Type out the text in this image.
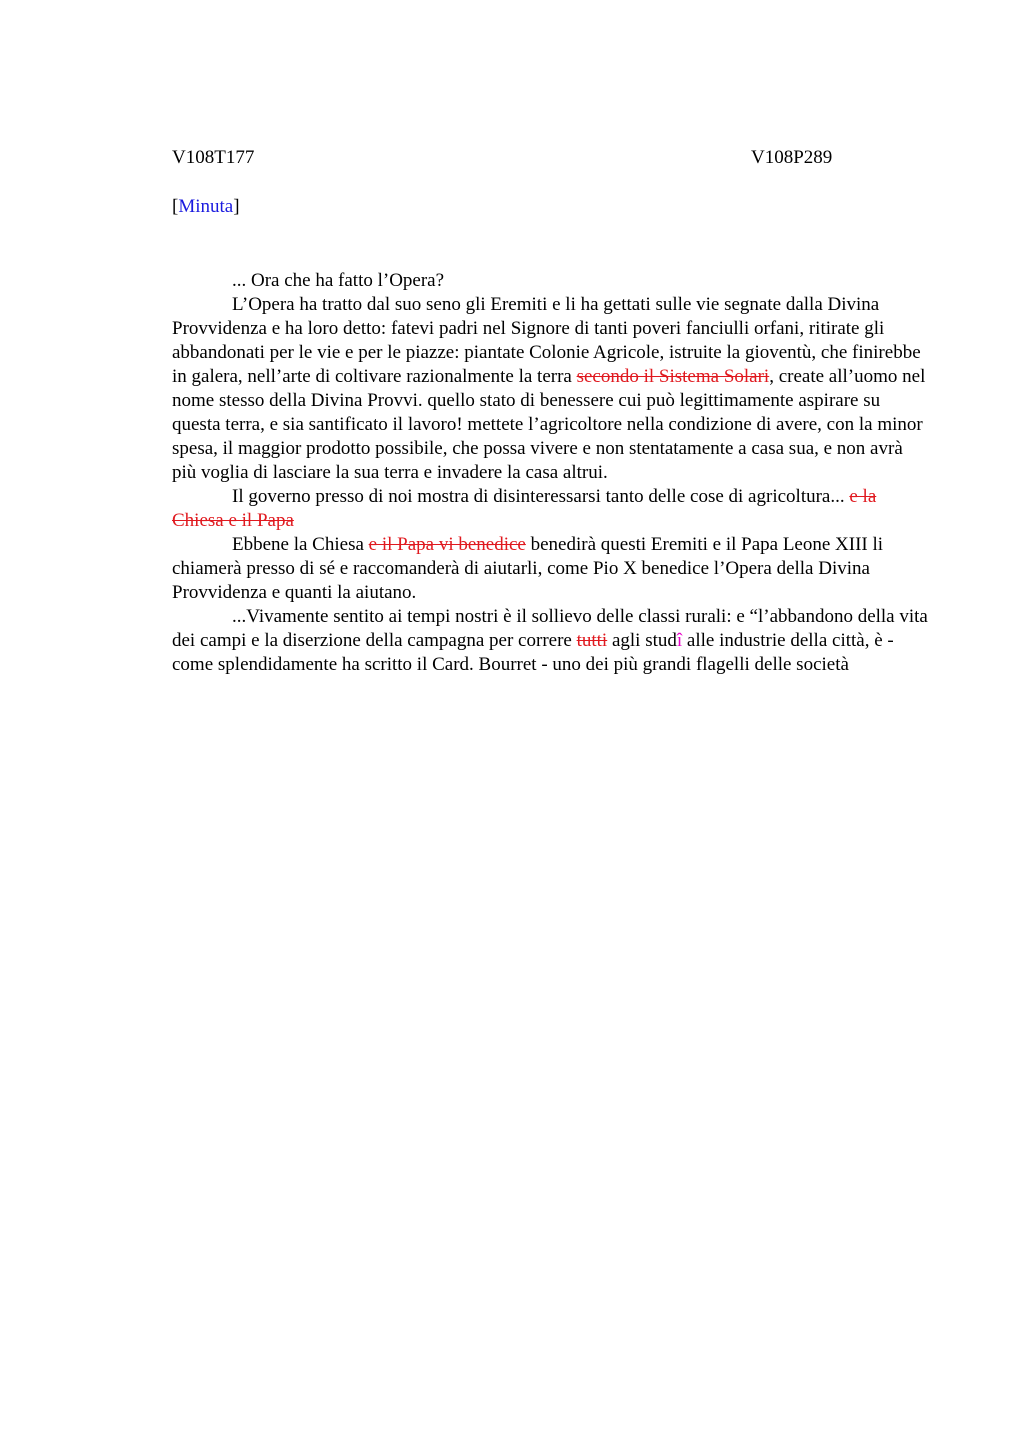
V108T177	V108P289
[Minuta]

... Ora che ha fatto l’Opera?

L’Opera ha tratto dal suo seno gli Eremiti e li ha gettati sulle vie segnate dalla Divina Provvidenza e ha loro detto: fatevi padri nel Signore di tanti poveri fanciulli orfani, ritirate gli abbandonati per le vie e per le piazze: piantate Colonie Agricole, istruite la gioventù, che finirebbe in galera, nell’arte di coltivare razionalmente la terra secondo il Sistema Solari, create all’uomo nel nome stesso della Divina Provvi. quello stato di benessere cui può legittimamente aspirare su questa terra, e sia santificato il lavoro! mettete l’agricoltore nella condizione di avere, con la minor spesa, il maggior prodotto possibile, che possa vivere e non stentatamente a casa sua, e non avrà più voglia di lasciare la sua terra e invadere la casa altrui.

Il governo presso di noi mostra di disinteressarsi tanto delle cose di agricoltura... e la Chiesa e il Papa

Ebbene la Chiesa e il Papa vi benedice benedirà questi Eremiti e il Papa Leone XIII li chiamerà presso di sé e raccomanderà di aiutarli, come Pio X benedice l’Opera della Divina Provvidenza e quanti la aiutano.

...Vivamente sentito ai tempi nostri è il sollievo delle classi rurali: e “l’abbandono della vita dei campi e la diserzione della campagna per correre tutti agli studî alle industrie della città, è - come splendidamente ha scritto il Card. Bourret - uno dei più grandi flagelli delle società
